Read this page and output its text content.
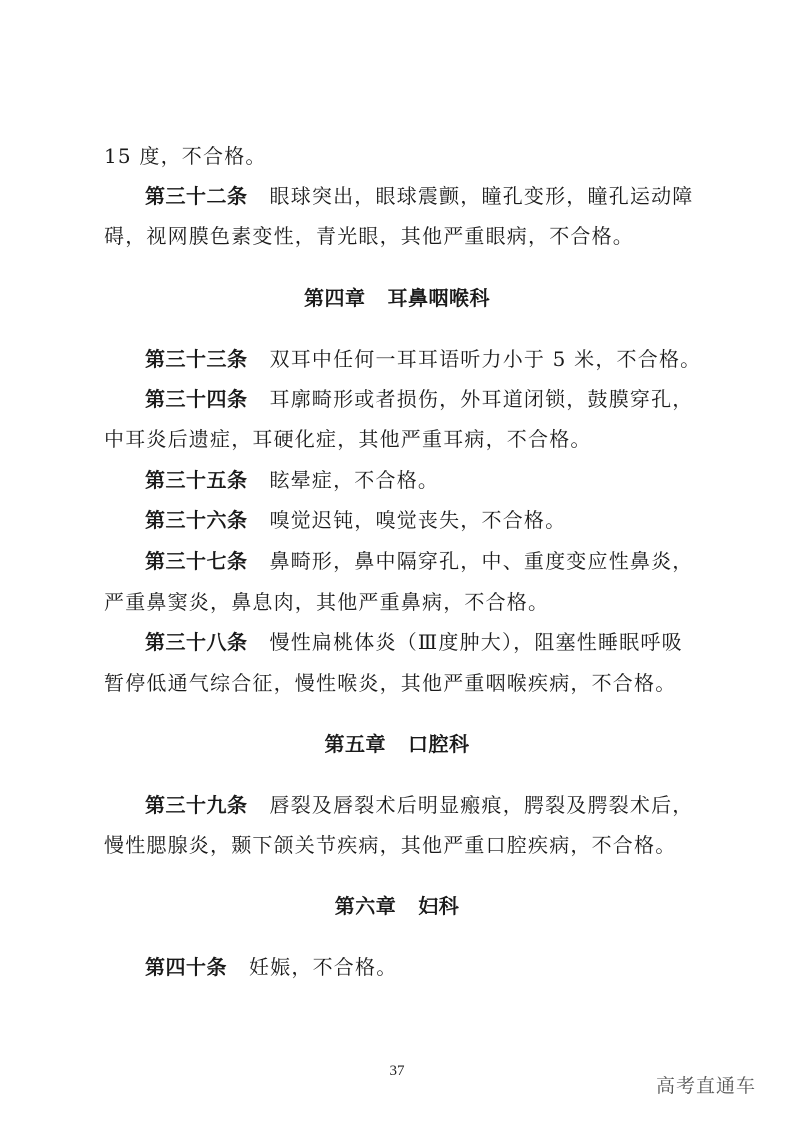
15 度，不合格。
第三十二条 眼球突出，眼球震颤，瞳孔变形，瞳孔运动障
碍，视网膜色素变性，青光眼，其他严重眼病，不合格。
第四章 耳鼻咽喉科
第三十三条 双耳中任何一耳耳语听力小于 5 米，不合格。
第三十四条 耳廓畸形或者损伤，外耳道闭锁，鼓膜穿孔，
中耳炎后遗症，耳硬化症，其他严重耳病，不合格。
第三十五条 眩晕症，不合格。
第三十六条 嗅觉迟钝，嗅觉丧失，不合格。
第三十七条 鼻畸形，鼻中隔穿孔，中、重度变应性鼻炎，
严重鼻窦炎，鼻息肉，其他严重鼻病，不合格。
第三十八条 慢性扁桃体炎（Ⅲ度肿大），阻塞性睡眠呼吸
暂停低通气综合征，慢性喉炎，其他严重咽喉疾病，不合格。
第五章 口腔科
第三十九条 唇裂及唇裂术后明显瘢痕，腭裂及腭裂术后，
慢性腮腺炎，颞下颌关节疾病，其他严重口腔疾病，不合格。
第六章 妇科
第四十条 妊娠，不合格。
37
高考直通车
